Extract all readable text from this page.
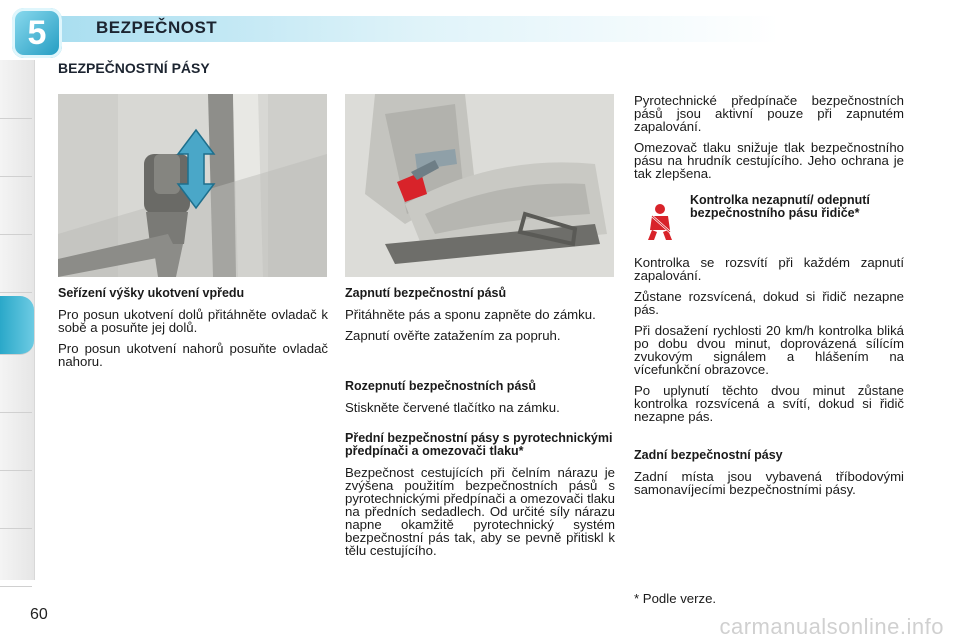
5	BEZPEČNOST
BEZPEČNOSTNÍ PÁSY
Seřízení výšky ukotvení vpředu

Pro posun ukotvení dolů přitáhněte ovladač k sobě a posuňte jej dolů.

Pro posun ukotvení nahorů posuňte ovladač nahoru.

Zapnutí bezpečnostní pásů

Přitáhněte pás a sponu zapněte do zámku.

Zapnutí ověřte zatažením za popruh.

Rozepnutí bezpečnostních pásů

Stiskněte červené tlačítko na zámku.

Přední bezpečnostní pásy s pyrotechnickými předpínači a omezovači tlaku*

Bezpečnost cestujících při čelním nárazu je zvýšena použitím bezpečnostních pásů s pyrotechnickými předpínači a omezovači tlaku na předních sedadlech. Od určité síly nárazu napne okamžitě pyrotechnický systém bezpečnostní pás tak, aby se pevně přitiskl k tělu cestujícího.

Pyrotechnické předpínače bezpečnostních pásů jsou aktivní pouze při zapnutém zapalování.

Omezovač tlaku snižuje tlak bezpečnostního pásu na hrudník cestujícího. Jeho ochrana je tak zlepšena.

Kontrolka nezapnutí/ odepnutí bezpečnostního pásu řidiče*

Kontrolka se rozsvítí při každém zapnutí zapalování.

Zůstane rozsvícená, dokud si řidič nezapne pás.

Při dosažení rychlosti 20 km/h kontrolka bliká po dobu dvou minut, doprovázená sílícím zvukovým signálem a hlášením na vícefunkční obrazovce.

Po uplynutí těchto dvou minut zůstane kontrolka rozsvícená a svítí, dokud si řidič nezapne pás.

Zadní bezpečnostní pásy

Zadní místa jsou vybavená tříbodovými samonavíjecími bezpečnostními pásy.

* Podle verze.

60	carmanualsonline.info
